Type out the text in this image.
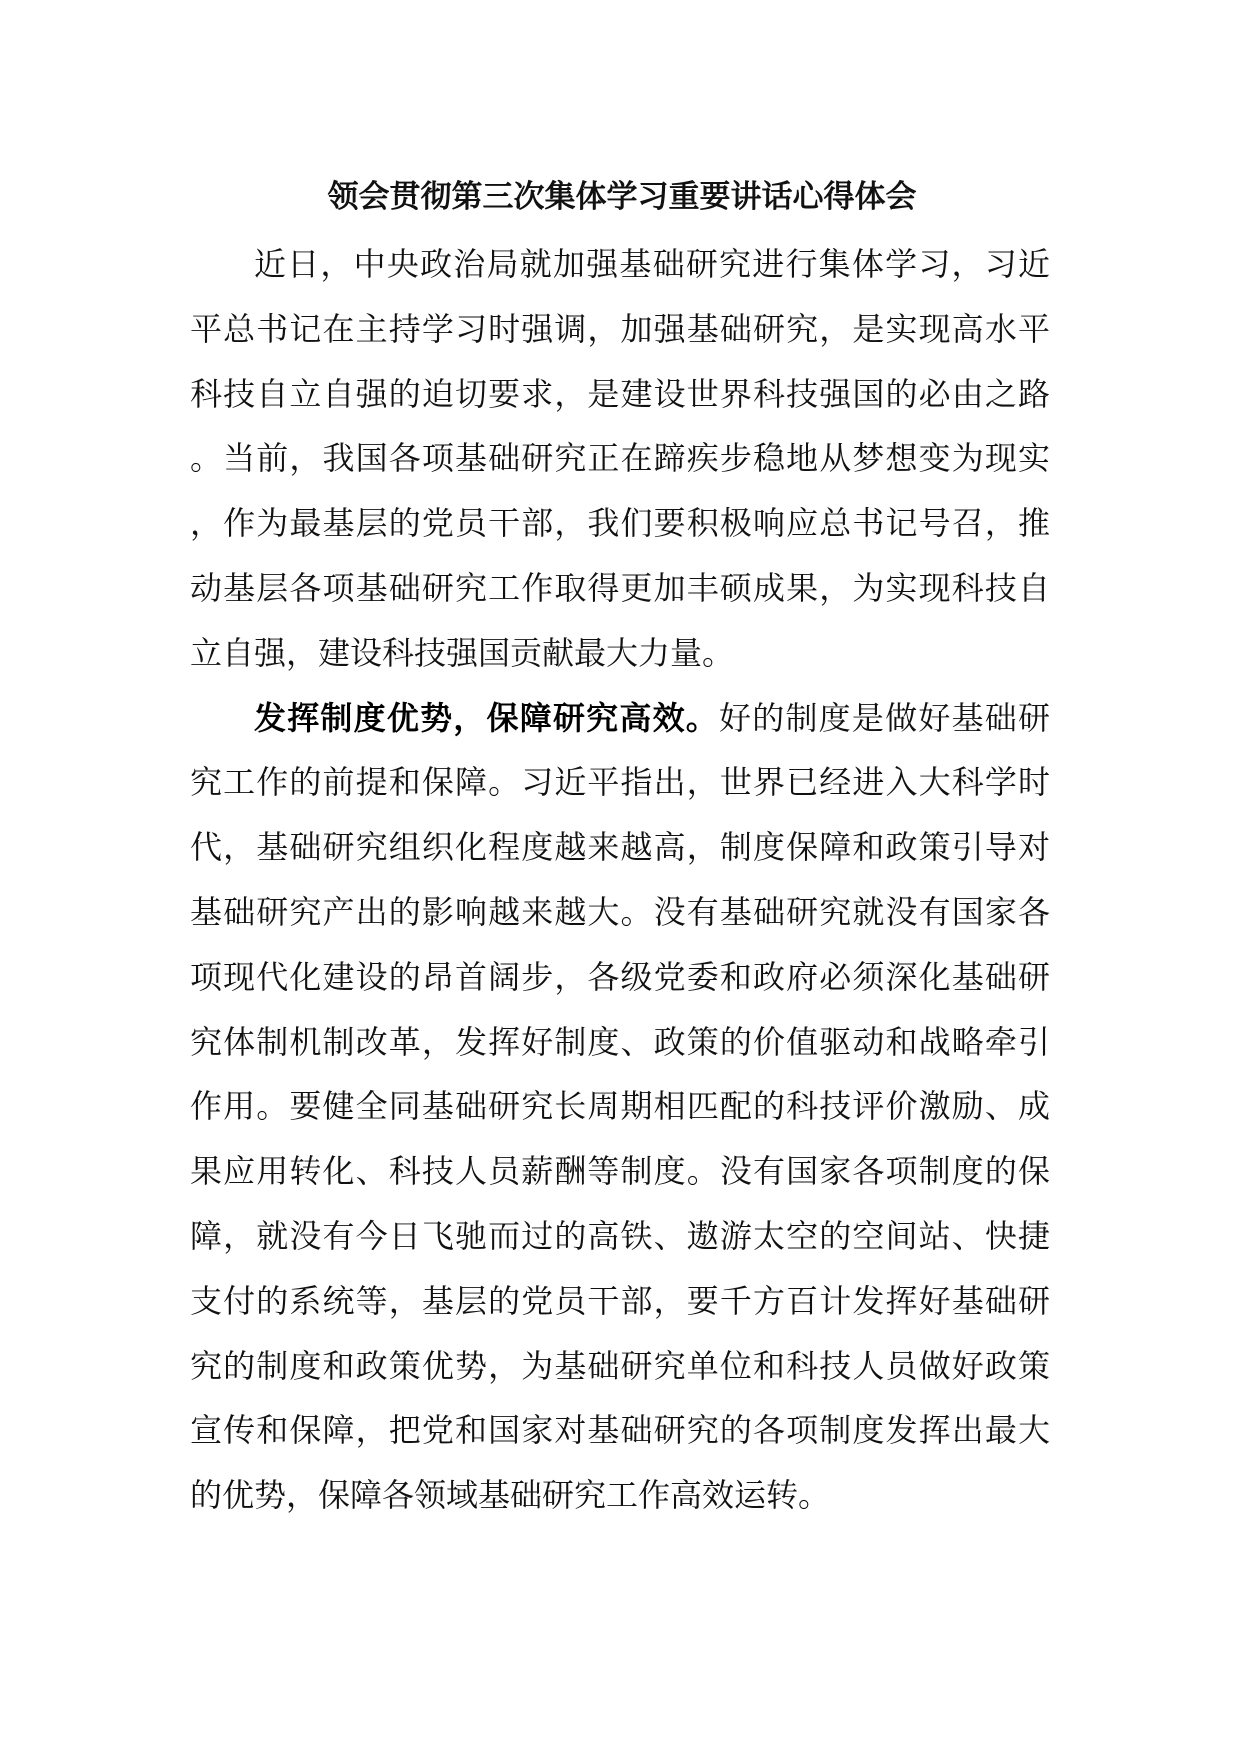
领会贯彻第三次集体学习重要讲话心得体会

近日，中央政治局就加强基础研究进行集体学习，习近平总书记在主持学习时强调，加强基础研究，是实现高水平科技自立自强的迫切要求，是建设世界科技强国的必由之路。当前，我国各项基础研究正在蹄疾步稳地从梦想变为现实，作为最基层的党员干部，我们要积极响应总书记号召，推动基层各项基础研究工作取得更加丰硕成果，为实现科技自立自强，建设科技强国贡献最大力量。

发挥制度优势，保障研究高效。好的制度是做好基础研究工作的前提和保障。习近平指出，世界已经进入大科学时代，基础研究组织化程度越来越高，制度保障和政策引导对基础研究产出的影响越来越大。没有基础研究就没有国家各项现代化建设的昂首阔步，各级党委和政府必须深化基础研究体制机制改革，发挥好制度、政策的价值驱动和战略牵引作用。要健全同基础研究长周期相匹配的科技评价激励、成果应用转化、科技人员薪酬等制度。没有国家各项制度的保障，就没有今日飞驰而过的高铁、遨游太空的空间站、快捷支付的系统等，基层的党员干部，要千方百计发挥好基础研究的制度和政策优势，为基础研究单位和科技人员做好政策宣传和保障，把党和国家对基础研究的各项制度发挥出最大的优势，保障各领域基础研究工作高效运转。
